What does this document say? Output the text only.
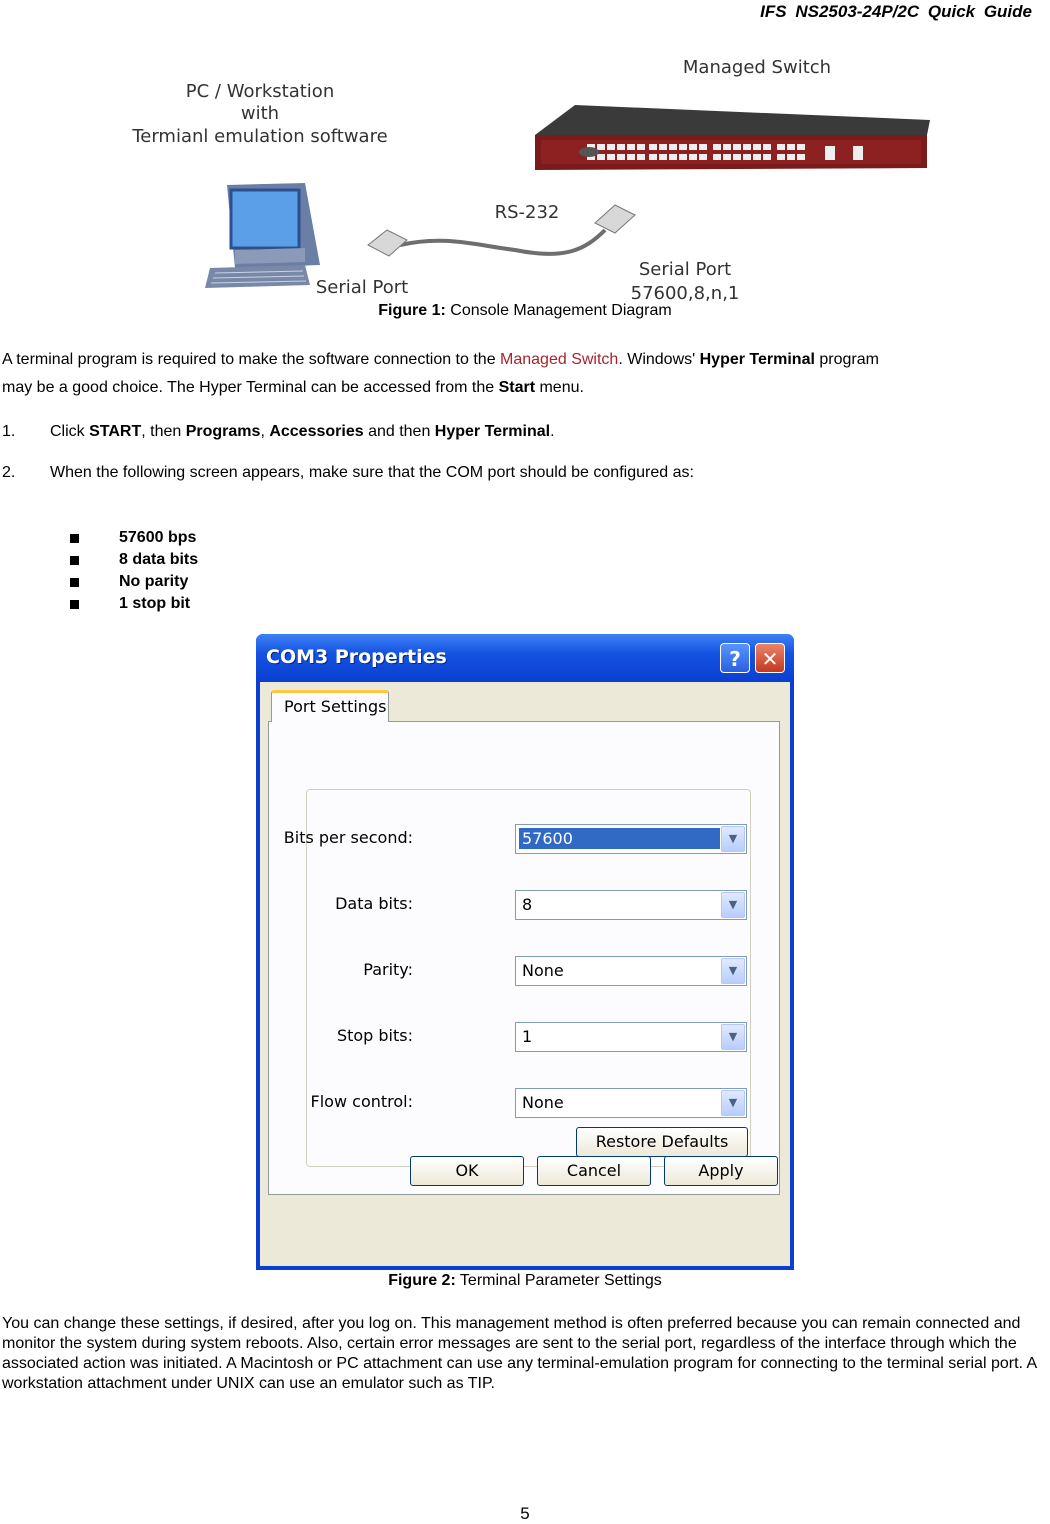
IFS NS2503-24P/2C Quick Guide
PC / Workstation
with
Termianl emulation software
Managed Switch
RS-232
Serial Port
Serial Port
57600,8,n,1
Figure 1: Console Management Diagram
A terminal program is required to make the software connection to the Managed Switch. Windows' Hyper Terminal program
may be a good choice. The Hyper Terminal can be accessed from the Start menu.
1. Click START, then Programs, Accessories and then Hyper Terminal.
2. When the following screen appears, make sure that the COM port should be configured as:
57600 bps
8 data bits
No parity
1 stop bit
COM3 Properties	?	✕
Port Settings
Bits per second:	57600	▼
Data bits:	8	▼
Parity:	None	▼
Stop bits:	1	▼
Flow control:	None	▼
Restore Defaults
OK	Cancel	Apply
Figure 2: Terminal Parameter Settings
You can change these settings, if desired, after you log on. This management method is often preferred because you can remain connected and monitor the system during system reboots. Also, certain error messages are sent to the serial port, regardless of the interface through which the associated action was initiated. A Macintosh or PC attachment can use any terminal-emulation program for connecting to the terminal serial port. A workstation attachment under UNIX can use an emulator such as TIP.
5
